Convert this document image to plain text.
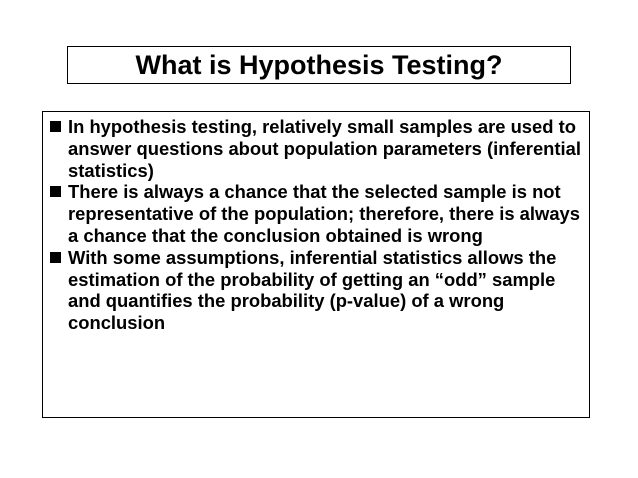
What is Hypothesis Testing?
In hypothesis testing, relatively small samples are used to answer questions about population parameters (inferential statistics)
There is always a chance that the selected sample is not representative of the population; therefore, there is always a chance that the conclusion obtained is wrong
With some assumptions, inferential statistics allows the estimation of the probability of getting an “odd” sample and quantifies the probability (p-value) of a wrong conclusion
